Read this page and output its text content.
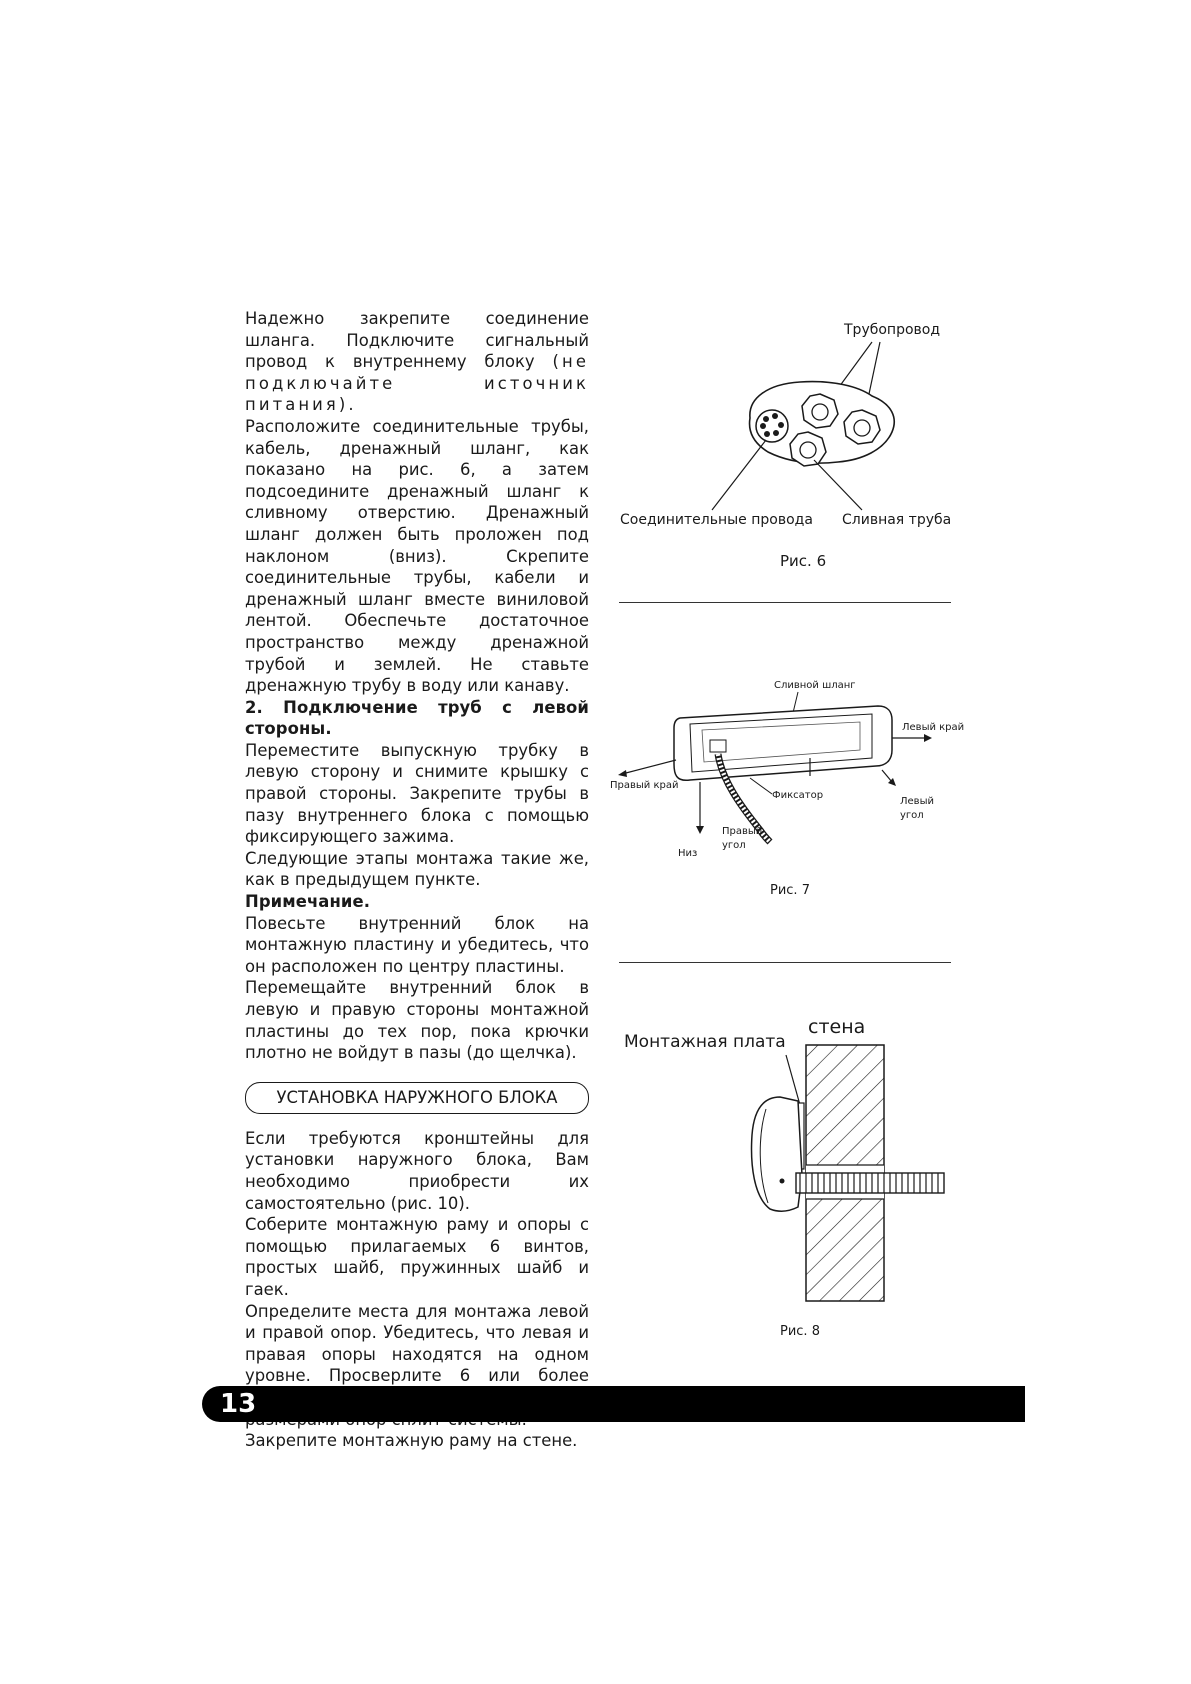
Надежно закрепите соединение шланга. Подключите сигнальный провод к внутреннему блоку (не подключайте источник питания).

Расположите соединительные трубы, кабель, дренажный шланг, как показано на рис. 6, а затем подсоедините дренажный шланг к сливному отверстию. Дренажный шланг должен быть проложен под наклоном (вниз). Скрепите соединительные трубы, кабели и дренажный шланг вместе виниловой лентой. Обеспечьте достаточное пространство между дренажной трубой и землей. Не ставьте дренажную трубу в воду или канаву.

2. Подключение труб с левой стороны.

Переместите выпускную трубку в левую сторону и снимите крышку с правой стороны. Закрепите трубы в пазу внутреннего блока с помощью фиксирующего зажима.

Следующие этапы монтажа такие же, как в предыдущем пункте.

Примечание.

Повесьте внутренний блок на монтажную пластину и убедитесь, что он расположен по центру пластины.

Перемещайте внутренний блок в левую и правую стороны монтажной пластины до тех пор, пока крючки плотно не войдут в пазы (до щелчка).

УСТАНОВКА НАРУЖНОГО БЛОКА

Если требуются кронштейны для установки наружного блока, Вам необходимо приобрести их самостоятельно (рис. 10).

Соберите монтажную раму и опоры с помощью прилагаемых 6 винтов, простых шайб, пружинных шайб и гаек.

Определите места для монтажа левой и правой опор. Убедитесь, что левая и правая опоры находятся на одном уровне. Просверлите 6 или более

Закрепите монтажную раму на стене.

Трубопровод
Соединительные провода Сливная труба
Рис. 6
Сливной шланг
Правый край
Левый край
Левый
угол
Фиксатор
Низ
Правый
угол
Рис. 7
стена
Монтажная плата
Рис. 8
13
